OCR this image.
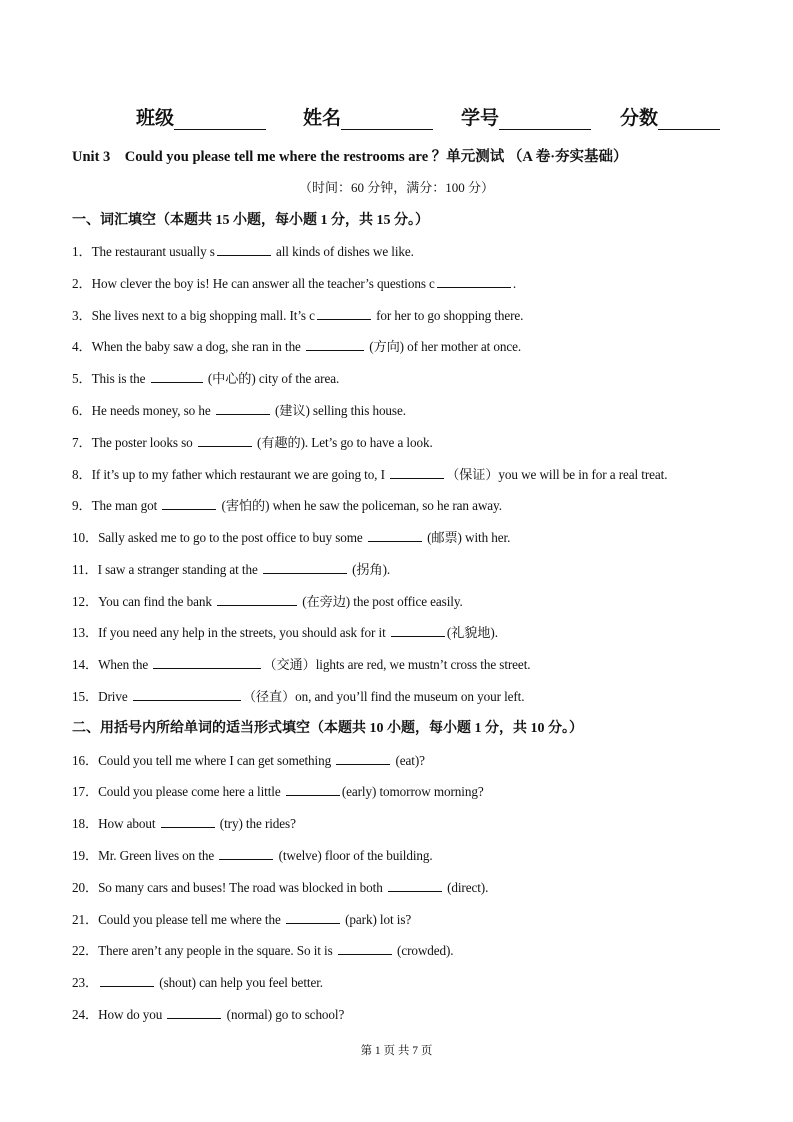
班级	姓名	学号	分数
Unit 3　Could you please tell me where the restrooms are ？单元测试 （A 卷·夯实基础）
（时间：60 分钟，满分：100 分）
一、词汇填空（本题共 15 小题，每小题 1 分，共 15 分。）
1．The restaurant usually s	all kinds of dishes we like.
2．How clever the boy is! He can answer all the teacher’s questions c	.
3．She lives next to a big shopping mall. It’s c	for her to go shopping there.
4．When the baby saw a dog, she ran in the	(方向) of her mother at once.
5．This is the	(中心的) city of the area.
6．He needs money, so he	(建议) selling this house.
7．The poster looks so	(有趣的). Let’s go to have a look.
8．If it’s up to my father which restaurant we are going to, I	（保证）you we will be in for a real treat.
9．The man got	(害怕的) when he saw the policeman, so he ran away.
10．Sally asked me to go to the post office to buy some	(邮票) with her.
11．I saw a stranger standing at the	(拐角).
12．You can find the bank	(在旁边) the post office easily.
13．If you need any help in the streets, you should ask for it	(礼貌地).
14．When the	（交通）lights are red, we mustn’t cross the street.
15．Drive	（径直）on, and you’ll find the museum on your left.
二、用括号内所给单词的适当形式填空（本题共 10 小题，每小题 1 分，共 10 分。）
16．Could you tell me where I can get something	(eat)?
17．Could you please come here a little	(early) tomorrow morning?
18．How about	(try) the rides?
19．Mr. Green lives on the	(twelve) floor of the building.
20．So many cars and buses! The road was blocked in both	(direct).
21．Could you please tell me where the	(park) lot is?
22．There aren’t any people in the square. So it is	(crowded).
23．	(shout) can help you feel better.
24．How do you	(normal) go to school?
第 1 页 共 7 页
